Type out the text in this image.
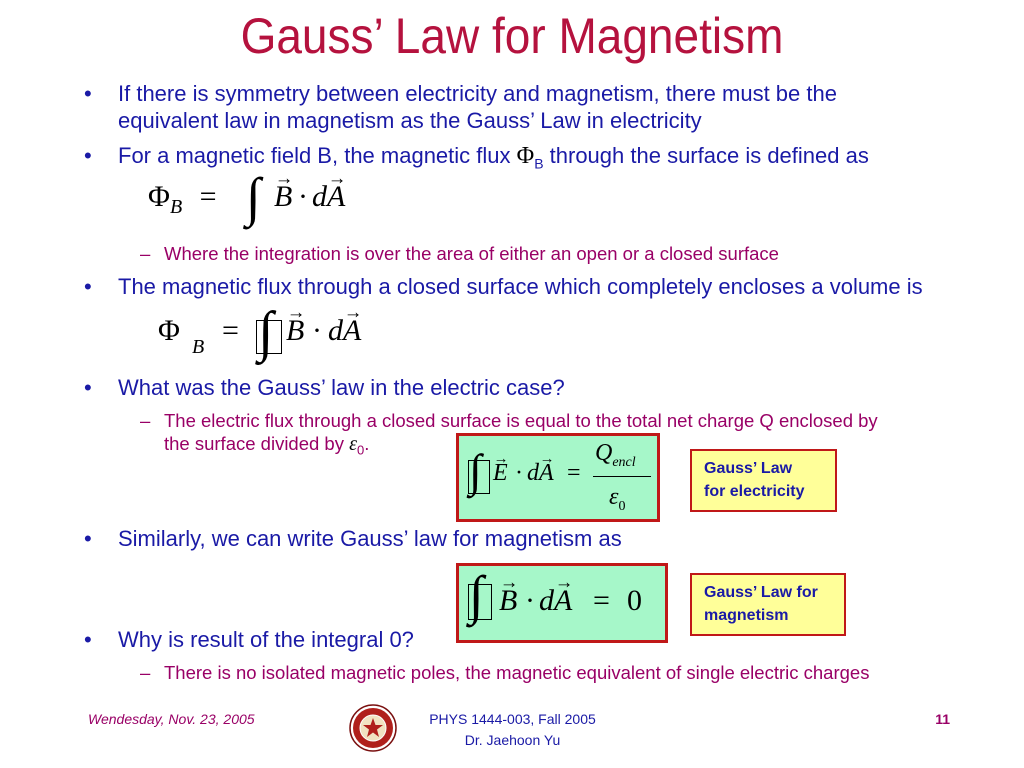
Gauss’ Law for Magnetism
• If there is symmetry between electricity and magnetism, there must be the
equivalent law in magnetism as the Gauss’ Law in electricity
• For a magnetic field B, the magnetic flux $\Phi_B$ through the surface is defined as
$\Phi_B$ = ∫ → B · d→ A
– Where the integration is over the area of either an open or a closed surface
• The magnetic flux through a closed surface which completely encloses a volume is
Φ B = ∫ → B · d→ A
• What was the Gauss’ law in the electric case?
– The electric flux through a closed surface is equal to the total net charge Q enclosed by
the surface divided by $\varepsilon_0$.
∫ → E · d→ A =
$Q_{encl}$
$\varepsilon_0$
Gauss’ Law
for electricity
• Similarly, we can write Gauss’ law for magnetism as
∫ → B · d→ A = 0	Gauss’ Law for
magnetism
• Why is result of the integral 0?
– There is no isolated magnetic poles, the magnetic equivalent of single electric charges
Wendesday, Nov. 23, 2005	PHYS 1444-003, Fall 2005
Dr. Jaehoon Yu
11
